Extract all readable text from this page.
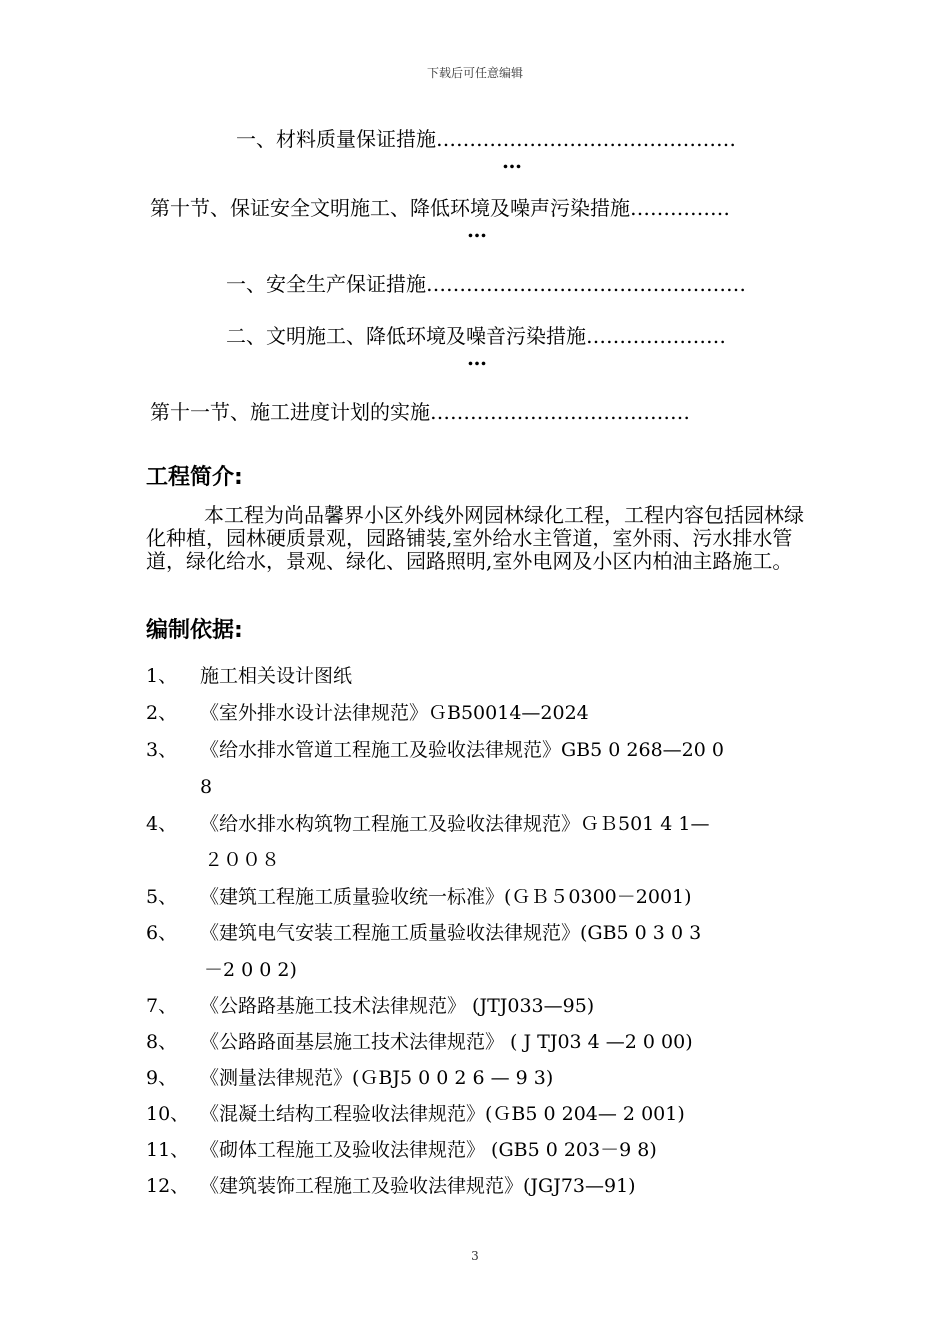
下载后可任意编辑
一、材料质量保证措施………………………………………
…
第十节、保证安全文明施工、降低环境及噪声污染措施……………
…
一、安全生产保证措施…………………………………………
二、文明施工、降低环境及噪音污染措施…………………
…
第十一节、施工进度计划的实施…………………………………
工程简介:
本工程为尚品馨界小区外线外网园林绿化工程，工程内容包括园林绿化种植，园林硬质景观，园路铺装,室外给水主管道，室外雨、污水排水管道，绿化给水，景观、绿化、园路照明,室外电网及小区内柏油主路施工。
编制依据:
1、 施工相关设计图纸
2、 《室外排水设计法律规范》ＧB50014—2024
3、 《给水排水管道工程施工及验收法律规范》GB5 0 268—20 0
8
4、 《给水排水构筑物工程施工及验收法律规范》ＧＢ501 4 1—
２００８
5、 《建筑工程施工质量验收统一标准》(ＧＢ５0300－2001)
6、 《建筑电气安装工程施工质量验收法律规范》(GB5 0 3 0 3
－2 0 0 2)
7、 《公路路基施工技术法律规范》 (JTJ033—95)
8、 《公路路面基层施工技术法律规范》 ( J TJ03 4 —2 0 00)
9、 《测量法律规范》(ＧBJ5 0 0 2 6 — 9 3)
10、 《混凝土结构工程验收法律规范》(ＧB5 0 204— 2 001)
11、 《砌体工程施工及验收法律规范》 (GB5 0 203－9 8)
12、 《建筑装饰工程施工及验收法律规范》(JGJ73—91)
3
